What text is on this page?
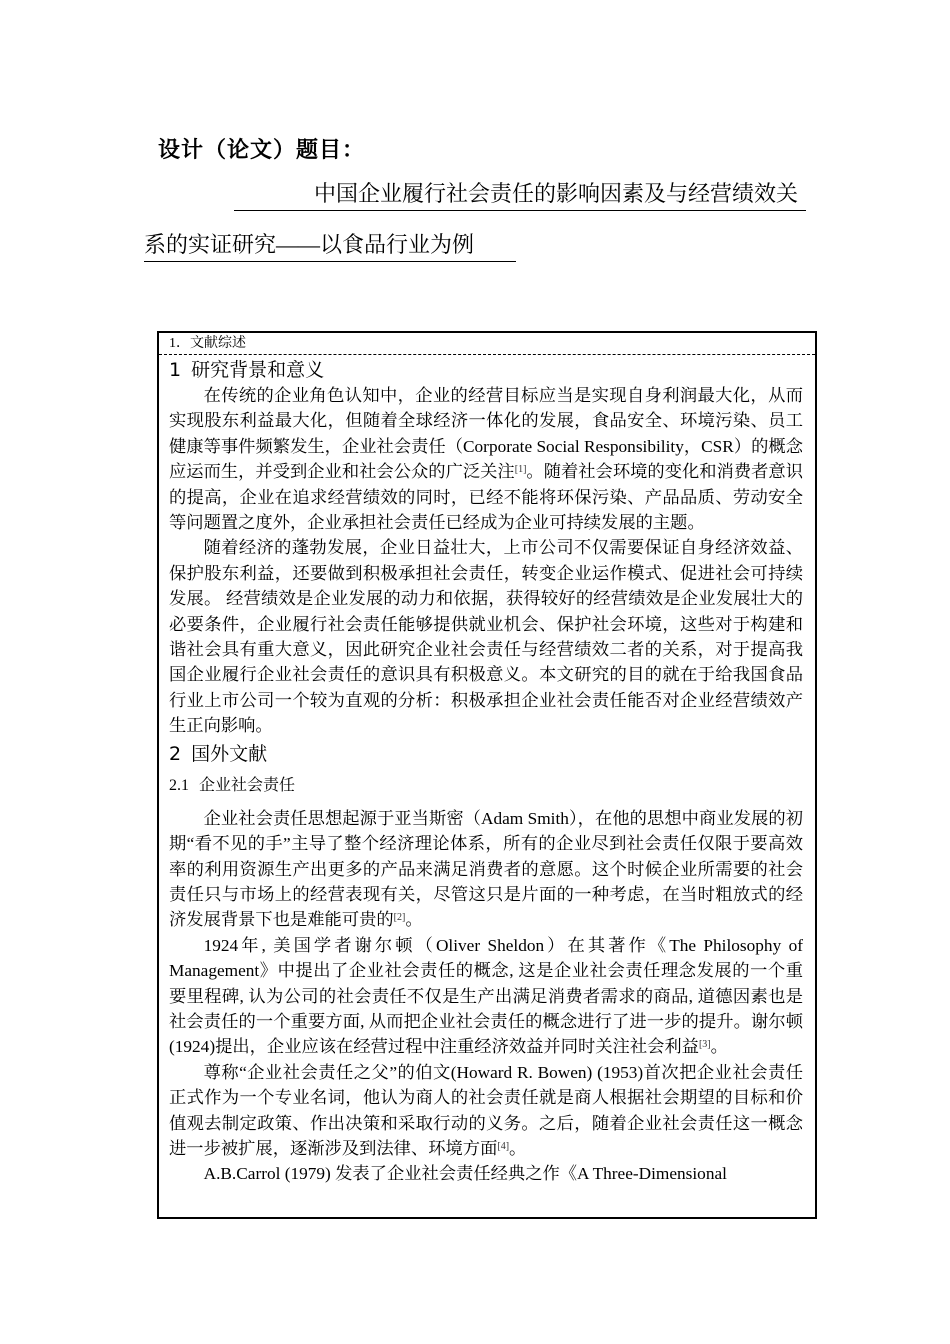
设计（论文）题目：
中国企业履行社会责任的影响因素及与经营绩效关
系的实证研究——以食品行业为例
1．文献综述
1 研究背景和意义

在传统的企业角色认知中，企业的经营目标应当是实现自身利润最大化，从而实现股东利益最大化，但随着全球经济一体化的发展，食品安全、环境污染、员工健康等事件频繁发生，企业社会责任（Corporate Social Responsibility，CSR）的概念应运而生，并受到企业和社会公众的广泛关注[1]。随着社会环境的变化和消费者意识的提高，企业在追求经营绩效的同时，已经不能将环保污染、产品品质、劳动安全等问题置之度外，企业承担社会责任已经成为企业可持续发展的主题。

随着经济的蓬勃发展，企业日益壮大，上市公司不仅需要保证自身经济效益、保护股东利益，还要做到积极承担社会责任，转变企业运作模式、促进社会可持续发展。 经营绩效是企业发展的动力和依据，获得较好的经营绩效是企业发展壮大的必要条件，企业履行社会责任能够提供就业机会、保护社会环境，这些对于构建和谐社会具有重大意义，因此研究企业社会责任与经营绩效二者的关系，对于提高我国企业履行企业社会责任的意识具有积极意义。本文研究的目的就在于给我国食品行业上市公司一个较为直观的分析：积极承担企业社会责任能否对企业经营绩效产生正向影响。

2 国外文献
2.1 企业社会责任

企业社会责任思想起源于亚当斯密（Adam Smith），在他的思想中商业发展的初期“看不见的手”主导了整个经济理论体系，所有的企业尽到社会责任仅限于要高效率的利用资源生产出更多的产品来满足消费者的意愿。这个时候企业所需要的社会责任只与市场上的经营表现有关，尽管这只是片面的一种考虑，在当时粗放式的经济发展背景下也是难能可贵的[2]。

1924年, 美国学者谢尔顿（Oliver Sheldon）在其著作《The Philosophy of Management》中提出了企业社会责任的概念, 这是企业社会责任理念发展的一个重要里程碑, 认为公司的社会责任不仅是生产出满足消费者需求的商品, 道德因素也是社会责任的一个重要方面, 从而把企业社会责任的概念进行了进一步的提升。谢尔顿(1924)提出，企业应该在经营过程中注重经济效益并同时关注社会利益[3]。

尊称“企业社会责任之父”的伯文(Howard R. Bowen) (1953)首次把企业社会责任正式作为一个专业名词，他认为商人的社会责任就是商人根据社会期望的目标和价值观去制定政策、作出决策和采取行动的义务。之后，随着企业社会责任这一概念进一步被扩展，逐渐涉及到法律、环境方面[4]。

A.B.Carrol (1979) 发表了企业社会责任经典之作《A Three-Dimensional
